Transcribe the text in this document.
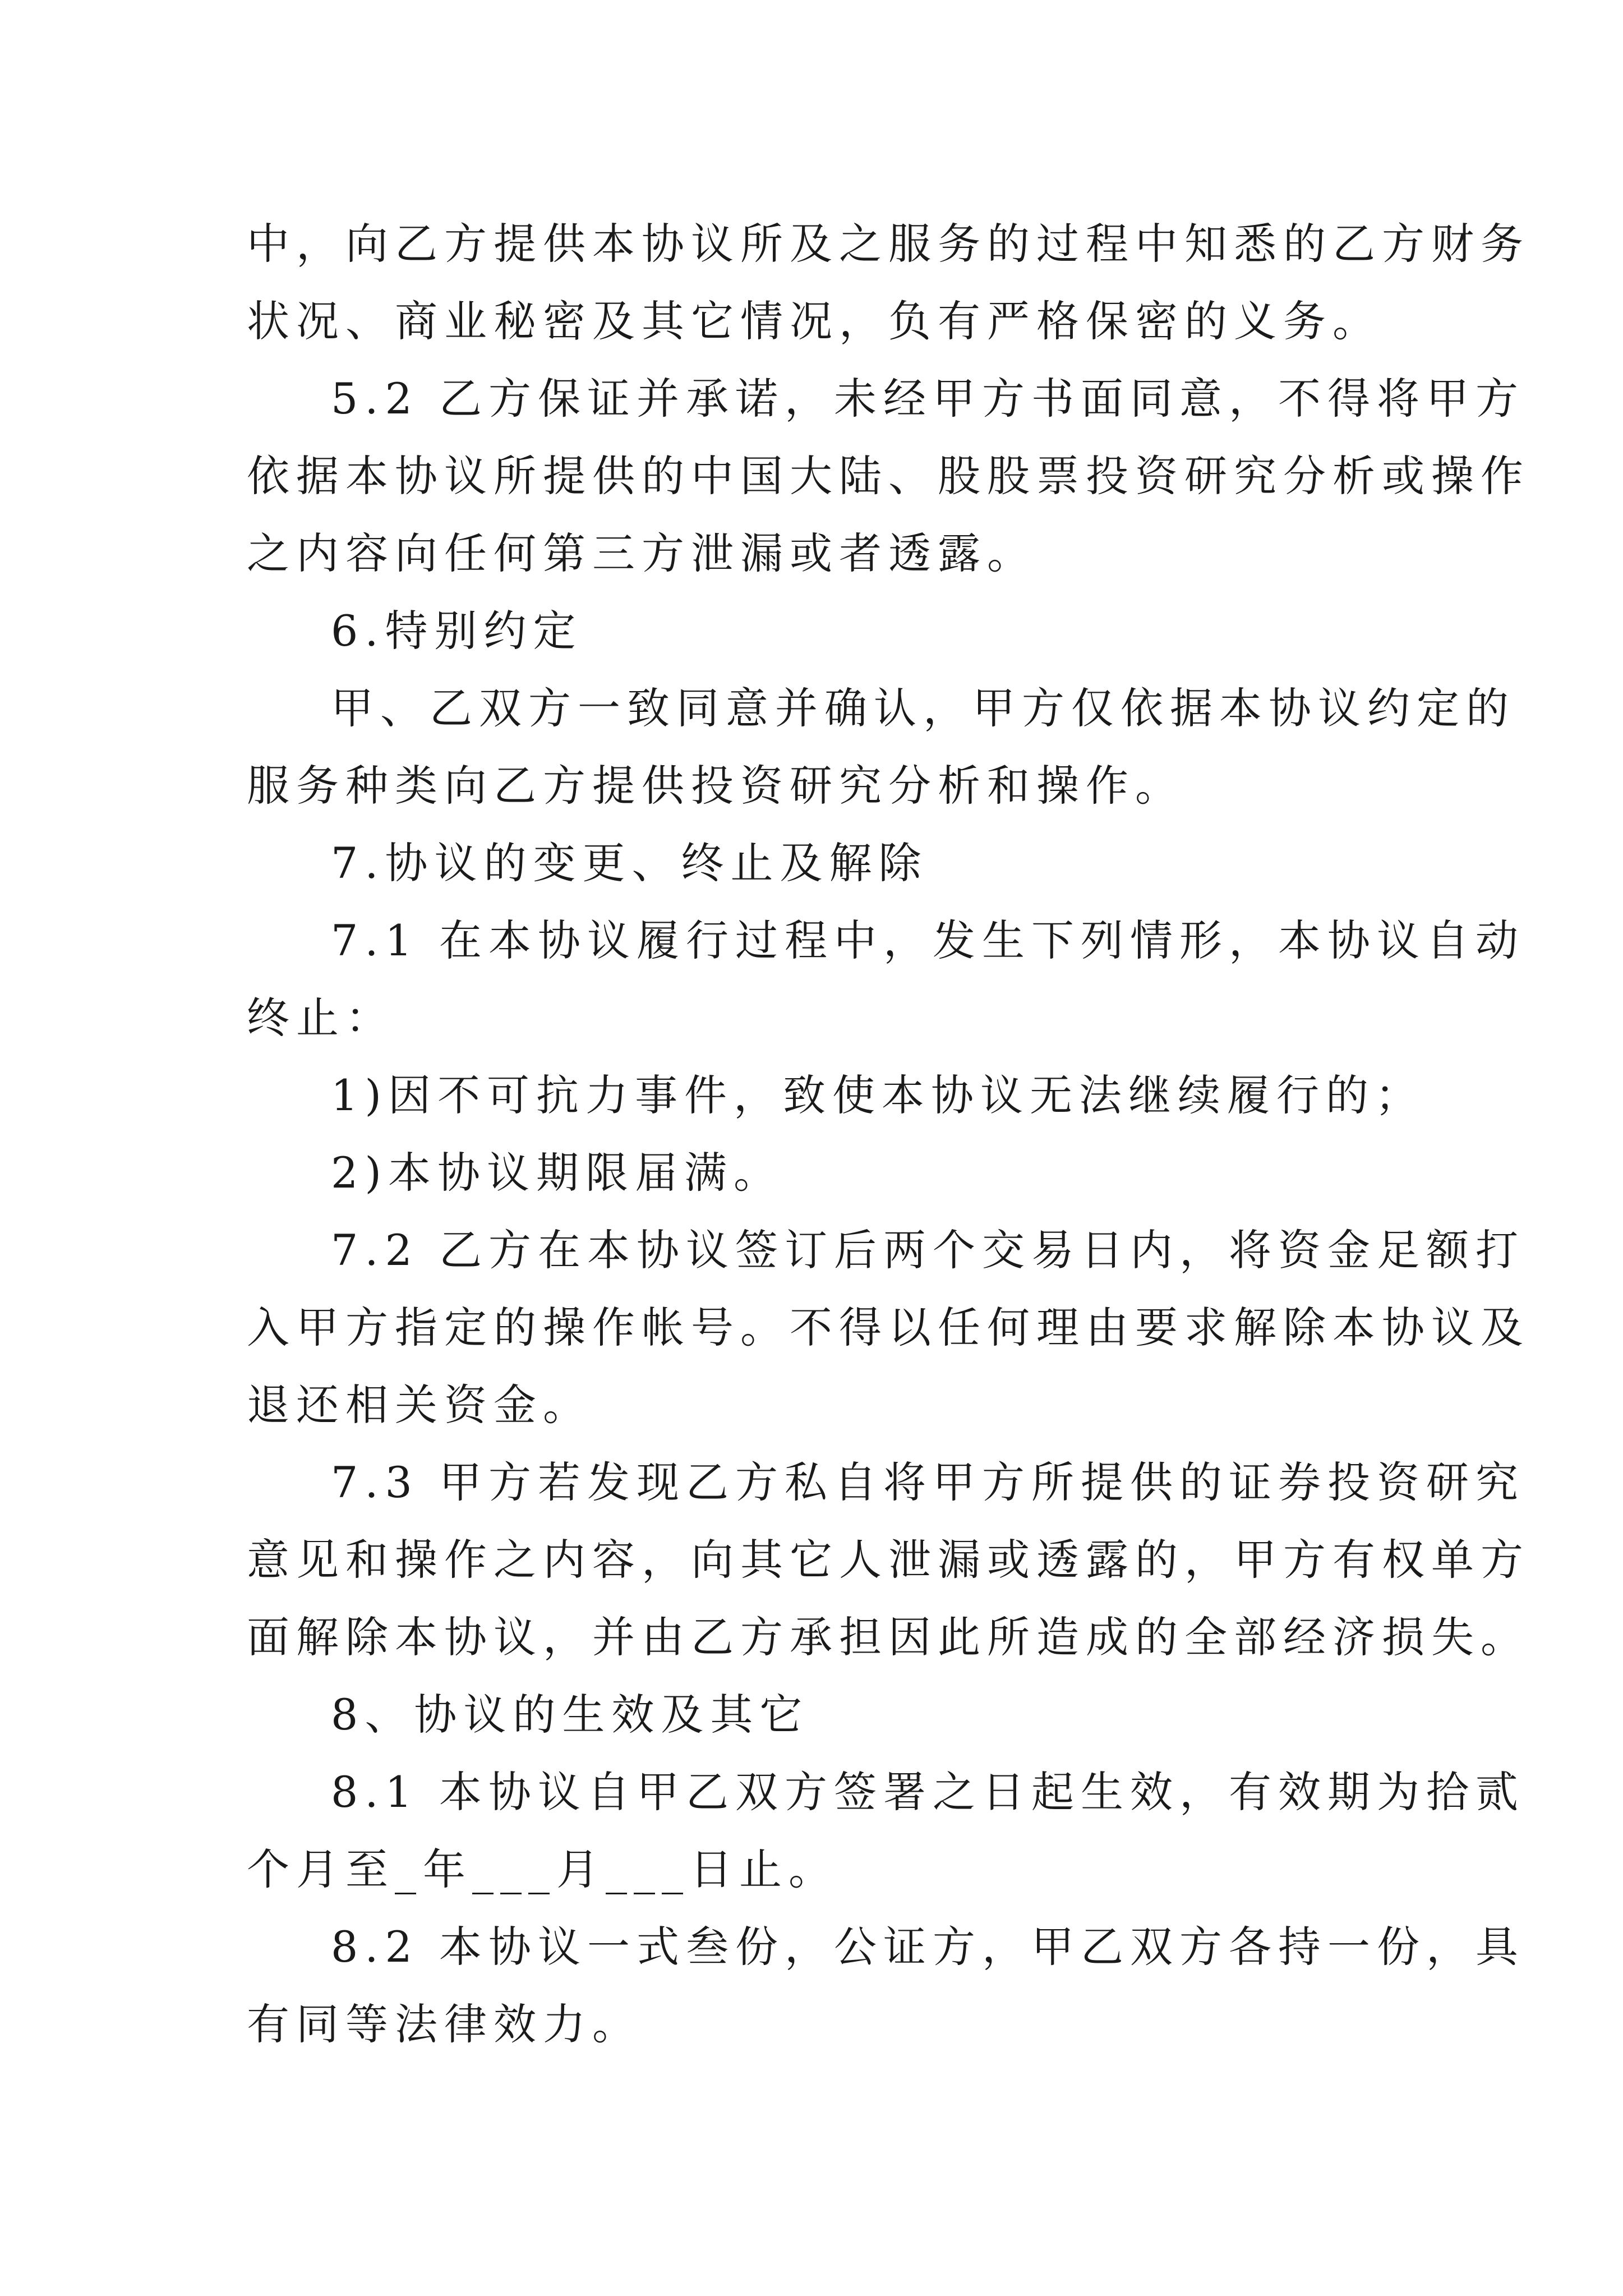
中，向乙方提供本协议所及之服务的过程中知悉的乙方财务
状况、商业秘密及其它情况，负有严格保密的义务。
5.2 乙方保证并承诺，未经甲方书面同意，不得将甲方
依据本协议所提供的中国大陆、股股票投资研究分析或操作
之内容向任何第三方泄漏或者透露。
6.特别约定
甲、乙双方一致同意并确认，甲方仅依据本协议约定的
服务种类向乙方提供投资研究分析和操作。
7.协议的变更、终止及解除
7.1 在本协议履行过程中，发生下列情形，本协议自动
终止：
1)因不可抗力事件，致使本协议无法继续履行的；
2)本协议期限届满。
7.2 乙方在本协议签订后两个交易日内，将资金足额打
入甲方指定的操作帐号。不得以任何理由要求解除本协议及
退还相关资金。
7.3 甲方若发现乙方私自将甲方所提供的证券投资研究
意见和操作之内容，向其它人泄漏或透露的，甲方有权单方
面解除本协议，并由乙方承担因此所造成的全部经济损失。
8、协议的生效及其它
8.1 本协议自甲乙双方签署之日起生效，有效期为拾贰
个月至_年___月___日止。
8.2 本协议一式叁份，公证方，甲乙双方各持一份，具
有同等法律效力。
